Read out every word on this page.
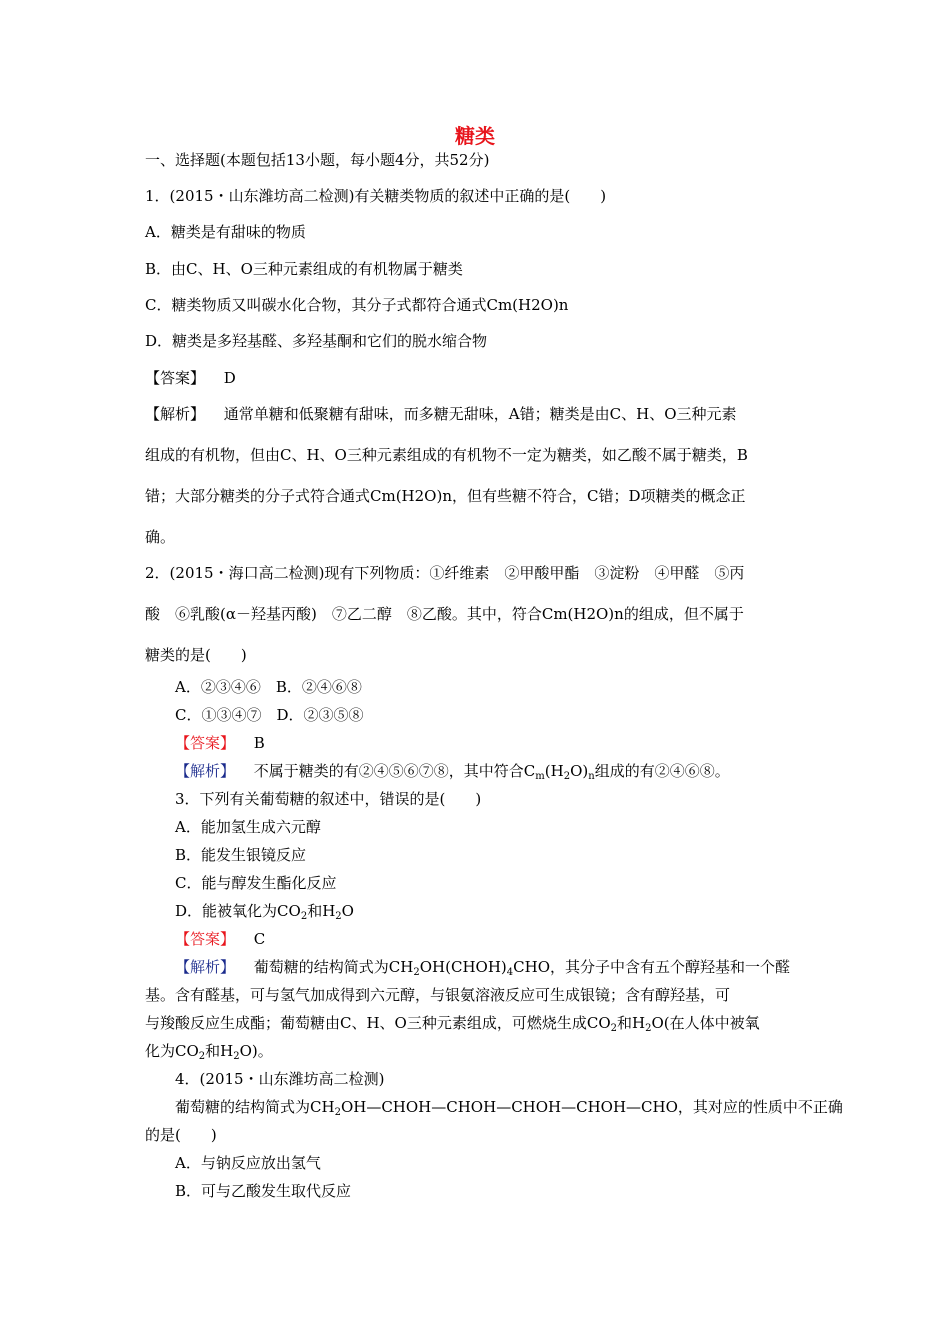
糖类
一、选择题(本题包括13小题，每小题4分，共52分)
1．(2015・山东潍坊高二检测)有关糖类物质的叙述中正确的是(　　)
A．糖类是有甜味的物质
B．由C、H、O三种元素组成的有机物属于糖类
C．糖类物质又叫碳水化合物，其分子式都符合通式Cm(H2O)n
D．糖类是多羟基醛、多羟基酮和它们的脱水缩合物
【答案】 D
【解析】 通常单糖和低聚糖有甜味，而多糖无甜味，A错；糖类是由C、H、O三种元素
组成的有机物，但由C、H、O三种元素组成的有机物不一定为糖类，如乙酸不属于糖类，B
错；大部分糖类的分子式符合通式Cm(H2O)n，但有些糖不符合，C错；D项糖类的概念正
确。
2．(2015・海口高二检测)现有下列物质：①纤维素　②甲酸甲酯　③淀粉　④甲醛　⑤丙
酸　⑥乳酸(α－羟基丙酸)　⑦乙二醇　⑧乙酸。其中，符合Cm(H2O)n的组成，但不属于
糖类的是(　　)
A．②③④⑥　B．②④⑥⑧
C．①③④⑦　D．②③⑤⑧
【答案】 B
【解析】 不属于糖类的有②④⑤⑥⑦⑧，其中符合$C_m(H_2O)_n$组成的有②④⑥⑧。
3．下列有关葡萄糖的叙述中，错误的是(　　)
A．能加氢生成六元醇
B．能发生银镜反应
C．能与醇发生酯化反应
D．能被氧化为$CO_2$和$H_2O$
【答案】 C
【解析】 葡萄糖的结构简式为$CH_2OH(CHOH)_4CHO$，其分子中含有五个醇羟基和一个醛
基。含有醛基，可与氢气加成得到六元醇，与银氨溶液反应可生成银镜；含有醇羟基，可
与羧酸反应生成酯；葡萄糖由C、H、O三种元素组成，可燃烧生成$CO_2$和$H_2O$(在人体中被氧
化为$CO_2$和$H_2O$)。
4．(2015・山东潍坊高二检测)
葡萄糖的结构简式为$CH_2OH—CHOH—CHOH—CHOH—CHOH—CHO$，其对应的性质中不正确
的是(　　)
A．与钠反应放出氢气
B．可与乙酸发生取代反应
